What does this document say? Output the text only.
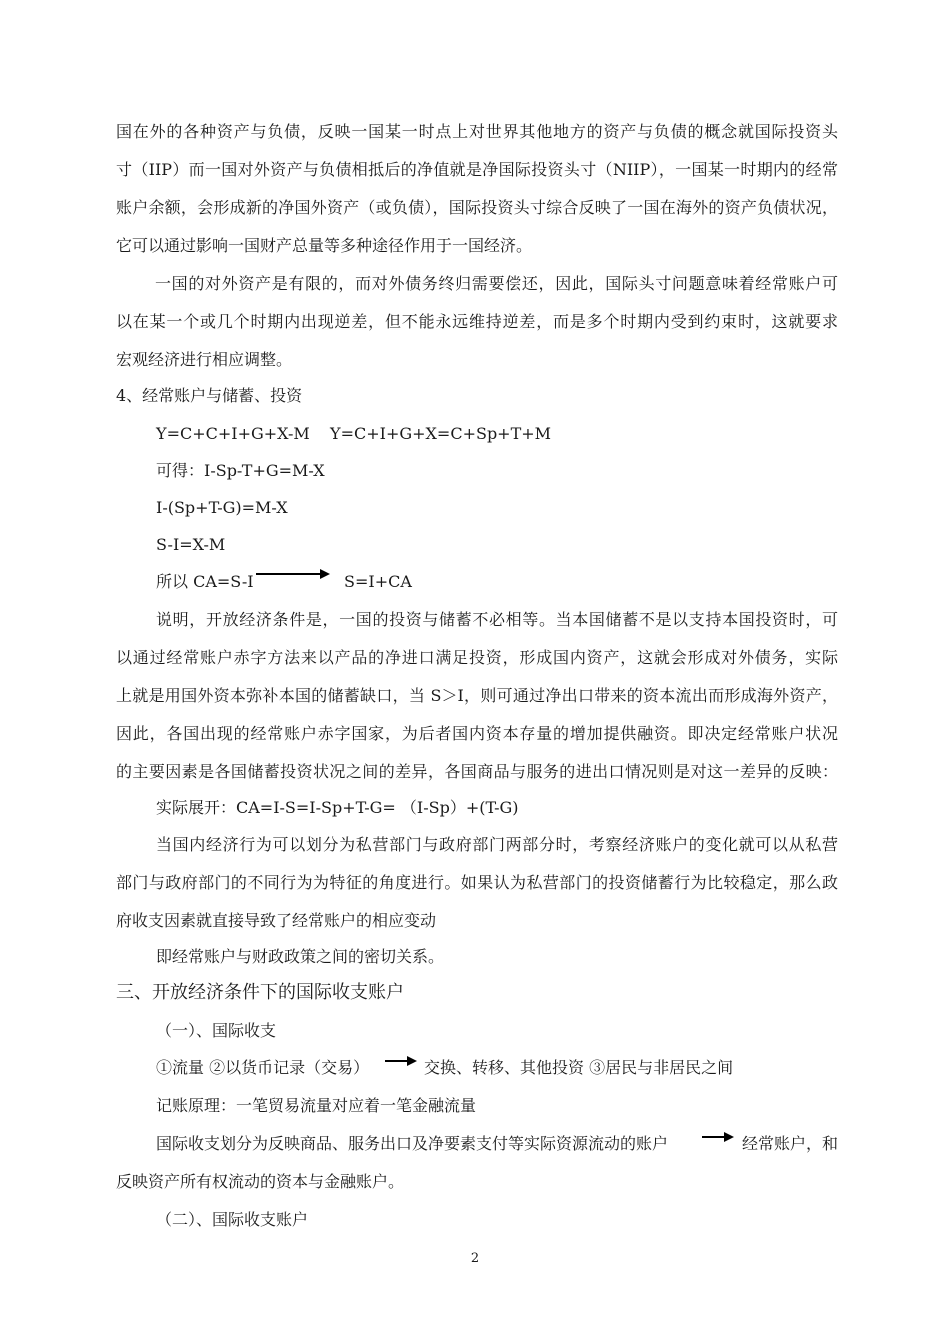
国在外的各种资产与负债，反映一国某一时点上对世界其他地方的资产与负债的概念就国际投资头
寸（IIP）而一国对外资产与负债相抵后的净值就是净国际投资头寸（NIIP），一国某一时期内的经常
账户余额，会形成新的净国外资产（或负债），国际投资头寸综合反映了一国在海外的资产负债状况，
它可以通过影响一国财产总量等多种途径作用于一国经济。
一国的对外资产是有限的，而对外债务终归需要偿还，因此，国际头寸问题意味着经常账户可
以在某一个或几个时期内出现逆差，但不能永远维持逆差，而是多个时期内受到约束时，这就要求
宏观经济进行相应调整。
4、经常账户与储蓄、投资
Y=C+C+I+G+X-M Y=C+I+G+X=C+Sp+T+M
可得：I-Sp-T+G=M-X
I-(Sp+T-G)=M-X
S-I=X-M
所以 CA=S-I	S=I+CA
说明，开放经济条件是，一国的投资与储蓄不必相等。当本国储蓄不是以支持本国投资时，可
以通过经常账户赤字方法来以产品的净进口满足投资，形成国内资产，这就会形成对外债务，实际
上就是用国外资本弥补本国的储蓄缺口，当 S＞I，则可通过净出口带来的资本流出而形成海外资产，
因此，各国出现的经常账户赤字国家，为后者国内资本存量的增加提供融资。即决定经常账户状况
的主要因素是各国储蓄投资状况之间的差异，各国商品与服务的进出口情况则是对这一差异的反映：
实际展开：CA=I-S=I-Sp+T-G= （I-Sp）+(T-G)
当国内经济行为可以划分为私营部门与政府部门两部分时，考察经济账户的变化就可以从私营
部门与政府部门的不同行为为特征的角度进行。如果认为私营部门的投资储蓄行为比较稳定，那么政
府收支因素就直接导致了经常账户的相应变动
即经常账户与财政政策之间的密切关系。
三、开放经济条件下的国际收支账户
（一）、国际收支
①流量 ②以货币记录（交易）	交换、转移、其他投资 ③居民与非居民之间
记账原理：一笔贸易流量对应着一笔金融流量
国际收支划分为反映商品、服务出口及净要素支付等实际资源流动的账户	经常账户，和
反映资产所有权流动的资本与金融账户。
（二）、国际收支账户
2
